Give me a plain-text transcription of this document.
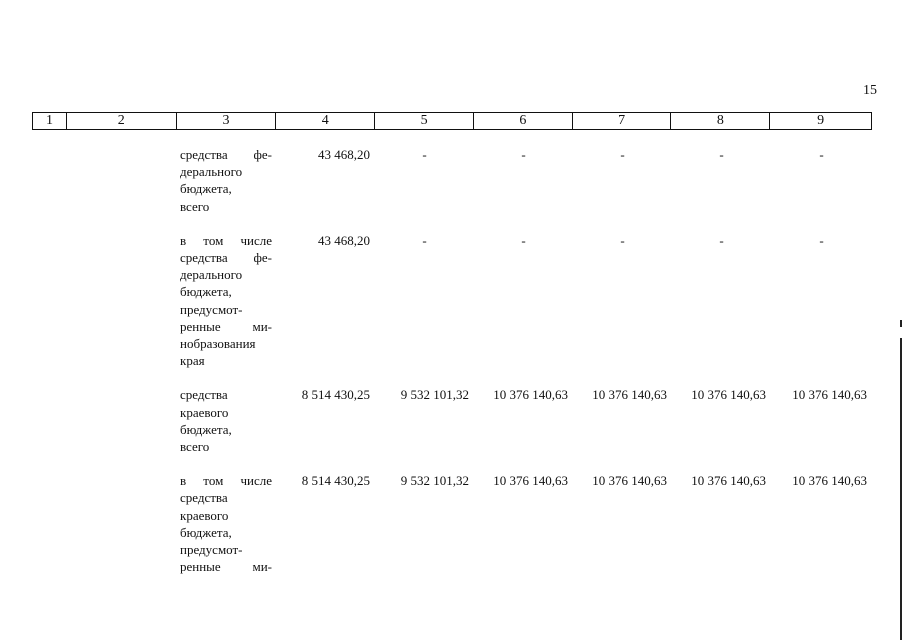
15
1	2	3	4	5	6	7	8	9
средства фе-
дерального
бюджета,
всего
43 468,20	-	-	-	-	-
в том числе
средства фе-
дерального
бюджета,
предусмот-
ренные ми-
нобразования
края
43 468,20	-	-	-	-	-
средства
краевого
бюджета,
всего
8 514 430,25	9 532 101,32	10 376 140,63	10 376 140,63	10 376 140,63	10 376 140,63
в том числе
средства
краевого
бюджета,
предусмот-
ренные ми-
8 514 430,25	9 532 101,32	10 376 140,63	10 376 140,63	10 376 140,63	10 376 140,63
